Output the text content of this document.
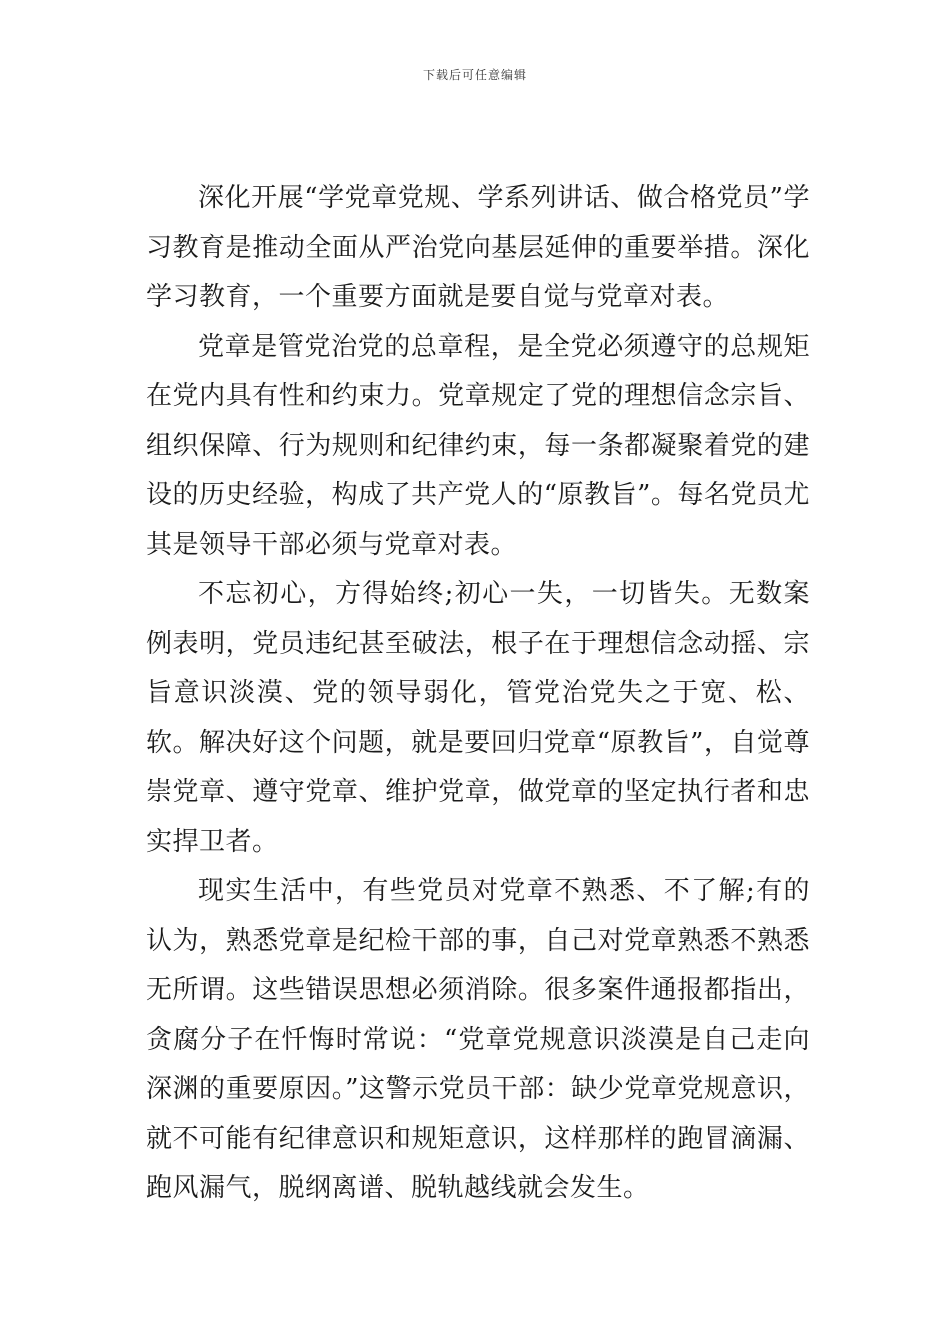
下载后可任意编辑

深化开展“学党章党规、学系列讲话、做合格党员”学习教育是推动全面从严治党向基层延伸的重要举措。深化学习教育，一个重要方面就是要自觉与党章对表。

党章是管党治党的总章程，是全党必须遵守的总规矩在党内具有性和约束力。党章规定了党的理想信念宗旨、组织保障、行为规则和纪律约束，每一条都凝聚着党的建设的历史经验，构成了共产党人的“原教旨”。每名党员尤其是领导干部必须与党章对表。

不忘初心，方得始终;初心一失，一切皆失。无数案例表明，党员违纪甚至破法，根子在于理想信念动摇、宗旨意识淡漠、党的领导弱化，管党治党失之于宽、松、软。解决好这个问题，就是要回归党章“原教旨”，自觉尊崇党章、遵守党章、维护党章，做党章的坚定执行者和忠实捍卫者。

现实生活中，有些党员对党章不熟悉、不了解;有的认为，熟悉党章是纪检干部的事，自己对党章熟悉不熟悉无所谓。这些错误思想必须消除。很多案件通报都指出，贪腐分子在忏悔时常说：“党章党规意识淡漠是自己走向深渊的重要原因。”这警示党员干部：缺少党章党规意识，就不可能有纪律意识和规矩意识，这样那样的跑冒滴漏、跑风漏气，脱纲离谱、脱轨越线就会发生。
